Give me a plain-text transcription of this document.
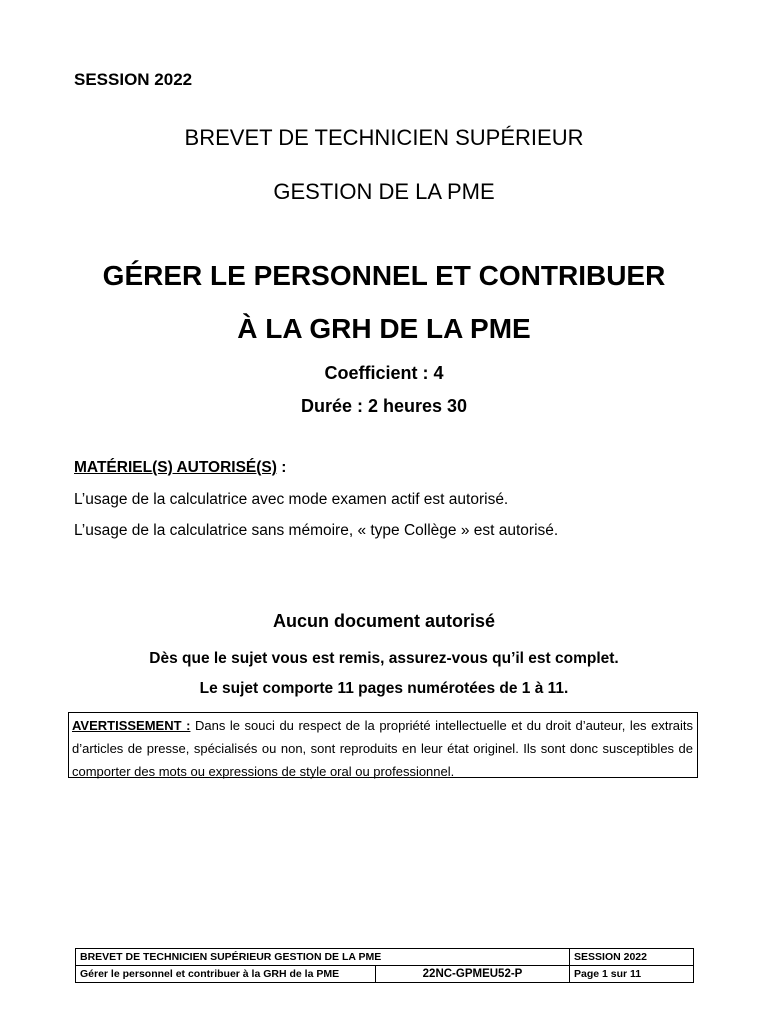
SESSION 2022
BREVET DE TECHNICIEN SUPÉRIEUR
GESTION DE LA PME
GÉRER LE PERSONNEL ET CONTRIBUER
À LA GRH DE LA PME
Coefficient : 4
Durée : 2 heures 30
MATÉRIEL(S) AUTORISÉ(S) :
L’usage de la calculatrice avec mode examen actif est autorisé.
L’usage de la calculatrice sans mémoire, « type Collège » est autorisé.
Aucun document autorisé
Dès que le sujet vous est remis, assurez-vous qu’il est complet.
Le sujet comporte 11 pages numérotées de 1 à 11.
AVERTISSEMENT : Dans le souci du respect de la propriété intellectuelle et du droit d’auteur, les extraits d’articles de presse, spécialisés ou non, sont reproduits en leur état originel. Ils sont donc susceptibles de comporter des mots ou expressions de style oral ou professionnel.
BREVET DE TECHNICIEN SUPÉRIEUR GESTION DE LA PME		SESSION 2022
Gérer le personnel et contribuer à la GRH de la PME	22NC-GPMEU52-P	Page 1 sur 11
